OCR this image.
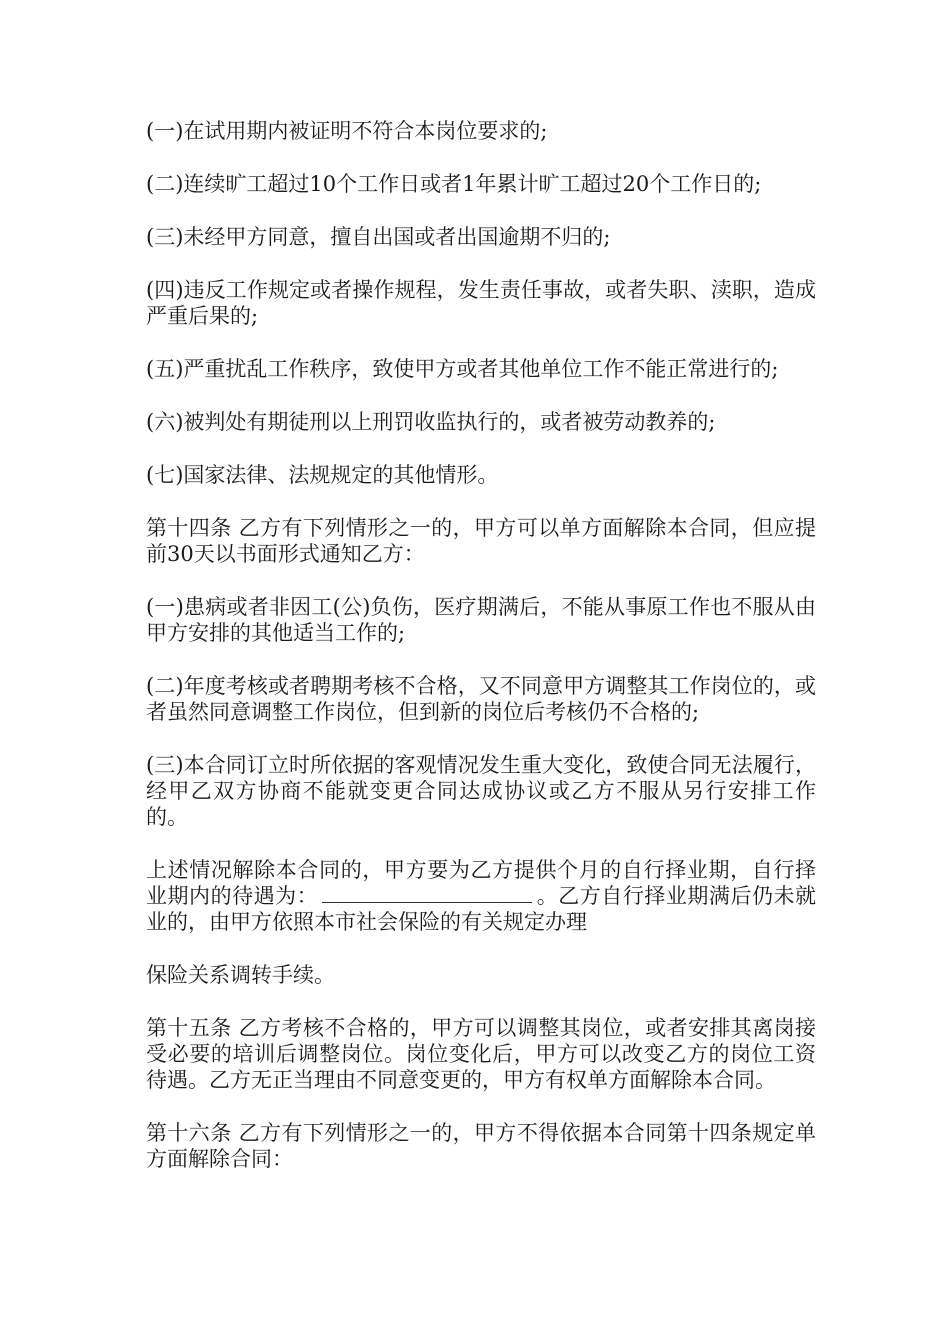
(一)在试用期内被证明不符合本岗位要求的;

(二)连续旷工超过10个工作日或者1年累计旷工超过20个工作日的;

(三)未经甲方同意，擅自出国或者出国逾期不归的;

(四)违反工作规定或者操作规程，发生责任事故，或者失职、渎职，造成严重后果的;

(五)严重扰乱工作秩序，致使甲方或者其他单位工作不能正常进行的;

(六)被判处有期徒刑以上刑罚收监执行的，或者被劳动教养的;

(七)国家法律、法规规定的其他情形。

第十四条 乙方有下列情形之一的，甲方可以单方面解除本合同，但应提前30天以书面形式通知乙方：

(一)患病或者非因工(公)负伤，医疗期满后，不能从事原工作也不服从由甲方安排的其他适当工作的;

(二)年度考核或者聘期考核不合格，又不同意甲方调整其工作岗位的，或者虽然同意调整工作岗位，但到新的岗位后考核仍不合格的;

(三)本合同订立时所依据的客观情况发生重大变化，致使合同无法履行，经甲乙双方协商不能就变更合同达成协议或乙方不服从另行安排工作的。

上述情况解除本合同的，甲方要为乙方提供个月的自行择业期，自行择业期内的待遇为：	。乙方自行择业期满后仍未就业的，由甲方依照本市社会保险的有关规定办理

保险关系调转手续。

第十五条 乙方考核不合格的，甲方可以调整其岗位，或者安排其离岗接受必要的培训后调整岗位。岗位变化后，甲方可以改变乙方的岗位工资待遇。乙方无正当理由不同意变更的，甲方有权单方面解除本合同。

第十六条 乙方有下列情形之一的，甲方不得依据本合同第十四条规定单方面解除合同：
